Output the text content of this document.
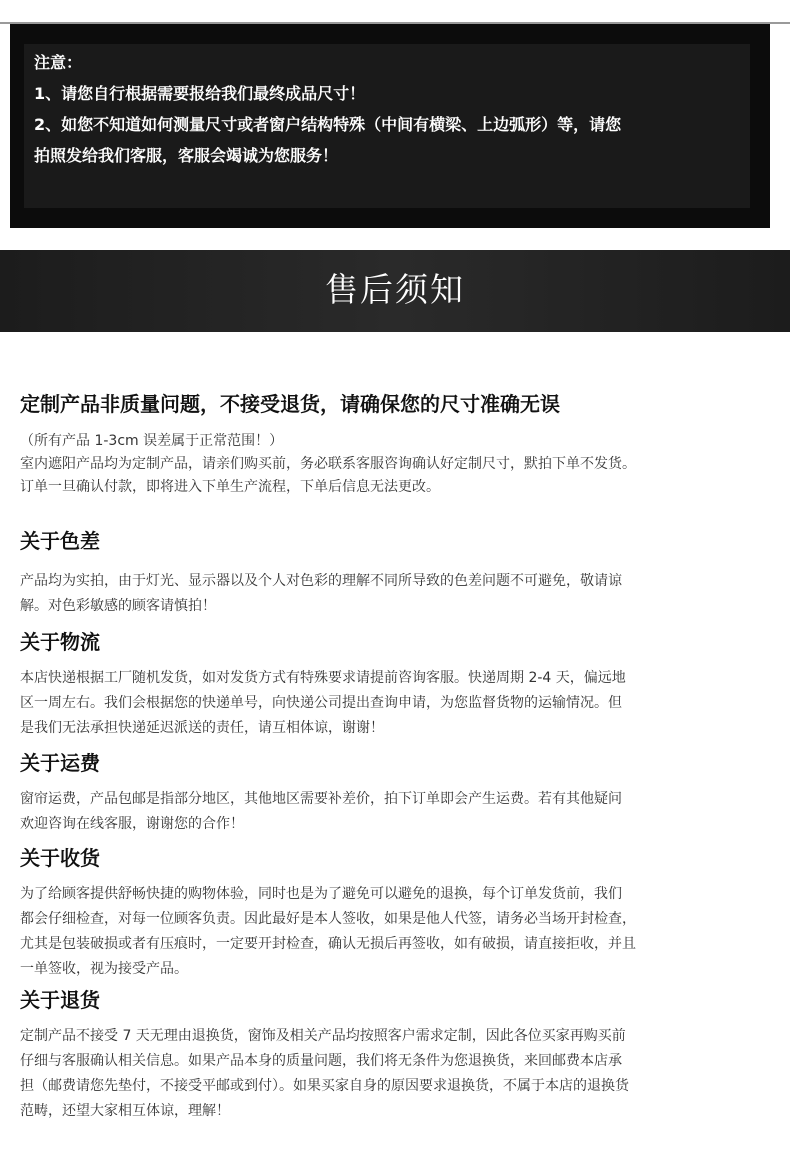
注意：

1、请您自行根据需要报给我们最终成品尺寸！

2、如您不知道如何测量尺寸或者窗户结构特殊（中间有横梁、上边弧形）等，请您

拍照发给我们客服，客服会竭诚为您服务！

售后须知

定制产品非质量问题，不接受退货，请确保您的尺寸准确无误

（所有产品 1-3cm 误差属于正常范围！）

室内遮阳产品均为定制产品，请亲们购买前，务必联系客服咨询确认好定制尺寸，默拍下单不发货。

订单一旦确认付款，即将进入下单生产流程，下单后信息无法更改。

关于色差

产品均为实拍，由于灯光、显示器以及个人对色彩的理解不同所导致的色差问题不可避免，敬请谅

解。对色彩敏感的顾客请慎拍！

关于物流

本店快递根据工厂随机发货，如对发货方式有特殊要求请提前咨询客服。快递周期 2-4 天，偏远地

区一周左右。我们会根据您的快递单号，向快递公司提出查询申请，为您监督货物的运输情况。但

是我们无法承担快递延迟派送的责任，请互相体谅，谢谢！

关于运费

窗帘运费，产品包邮是指部分地区，其他地区需要补差价，拍下订单即会产生运费。若有其他疑问

欢迎咨询在线客服，谢谢您的合作！

关于收货

为了给顾客提供舒畅快捷的购物体验，同时也是为了避免可以避免的退换，每个订单发货前，我们

都会仔细检查，对每一位顾客负责。因此最好是本人签收，如果是他人代签，请务必当场开封检查，

尤其是包装破损或者有压痕时，一定要开封检查，确认无损后再签收，如有破损，请直接拒收，并且

一单签收，视为接受产品。

关于退货

定制产品不接受 7 天无理由退换货，窗饰及相关产品均按照客户需求定制，因此各位买家再购买前

仔细与客服确认相关信息。如果产品本身的质量问题，我们将无条件为您退换货，来回邮费本店承

担（邮费请您先垫付，不接受平邮或到付）。如果买家自身的原因要求退换货，不属于本店的退换货

范畴，还望大家相互体谅，理解！
